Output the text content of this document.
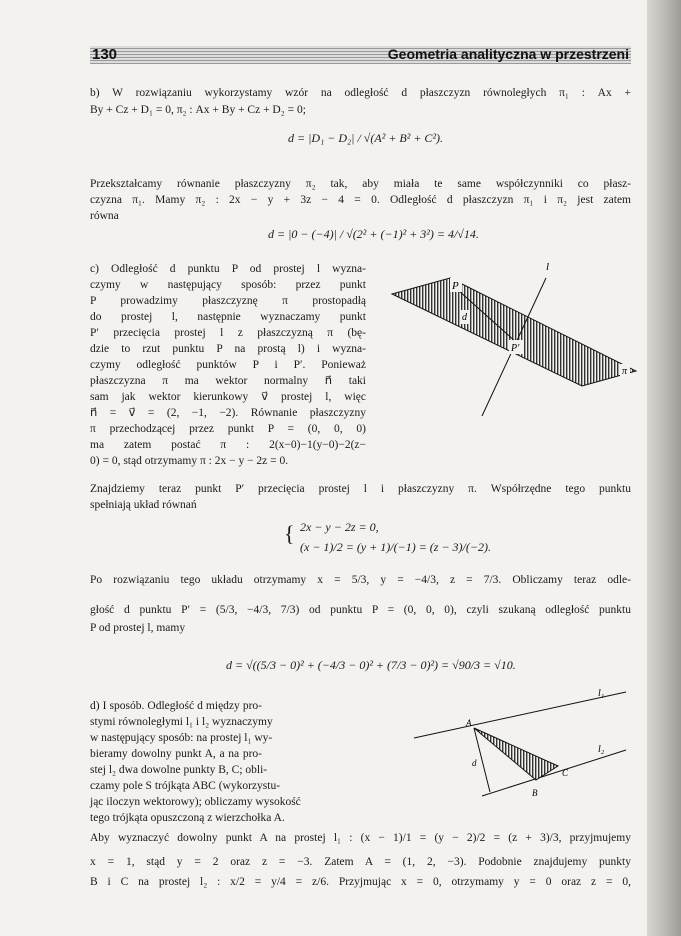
130	Geometria analityczna w przestrzeni
b) W rozwiązaniu wykorzystamy wzór na odległość d płaszczyzn równoległych π₁ : Ax +
By + Cz + D₁ = 0, π₂ : Ax + By + Cz + D₂ = 0;
d = |D₁ − D₂| / √(A² + B² + C²).
Przekształcamy równanie płaszczyzny π₂ tak, aby miała te same współczynniki co płasz-
czyzna π₁. Mamy π₂ : 2x − y + 3z − 4 = 0. Odległość d płaszczyzn π₁ i π₂ jest zatem
równa
d = |0 − (−4)| / √(2² + (−1)² + 3²) = 4/√14.
c) Odległość d punktu P od prostej l wyzna-
czymy w następujący sposób: przez punkt
P prowadzimy płaszczyznę π prostopadłą
do prostej l, następnie wyznaczamy punkt
P′ przecięcia prostej l z płaszczyzną π (bę-
dzie to rzut punktu P na prostą l) i wyzna-
czymy odległość punktów P i P′. Ponieważ
płaszczyzna π ma wektor normalny n⃗ taki
sam jak wektor kierunkowy v⃗ prostej l, więc
n⃗ = v⃗ = (2, −1, −2). Równanie płaszczyzny
π przechodzącej przez punkt P = (0, 0, 0)
ma zatem postać π : 2(x−0)−1(y−0)−2(z−
0) = 0, stąd otrzymamy π : 2x − y − 2z = 0.
P
d
P′
π
l
Znajdziemy teraz punkt P′ przecięcia prostej l i płaszczyzny π. Współrzędne tego punktu
spełniają układ równań
{ 2x − y − 2z = 0,
(x − 1)/2 = (y + 1)/(−1) = (z − 3)/(−2).
Po rozwiązaniu tego układu otrzymamy x = 5/3, y = −4/3, z = 7/3. Obliczamy teraz odle-
głość d punktu P′ = (5/3, −4/3, 7/3) od punktu P = (0, 0, 0), czyli szukaną odległość punktu
P od prostej l, mamy
d = √((5/3 − 0)² + (−4/3 − 0)² + (7/3 − 0)²) = √90/3 = √10.
d) I sposób. Odległość d między pro-
stymi równoległymi l₁ i l₂ wyznaczymy
w następujący sposób: na prostej l₁ wy-
bieramy dowolny punkt A, a na pro-
stej l₂ dwa dowolne punkty B, C; obli-
czamy pole S trójkąta ABC (wykorzystu-
jąc iloczyn wektorowy); obliczamy wysokość
tego trójkąta opuszczoną z wierzchołka A.
l₁
l₂
A
B
C
d
Aby wyznaczyć dowolny punkt A na prostej l₁ : (x − 1)/1 = (y − 2)/2 = (z + 3)/3, przyjmujemy
x = 1, stąd y = 2 oraz z = −3. Zatem A = (1, 2, −3). Podobnie znajdujemy punkty
B i C na prostej l₂ : x/2 = y/4 = z/6. Przyjmując x = 0, otrzymamy y = 0 oraz z = 0,
